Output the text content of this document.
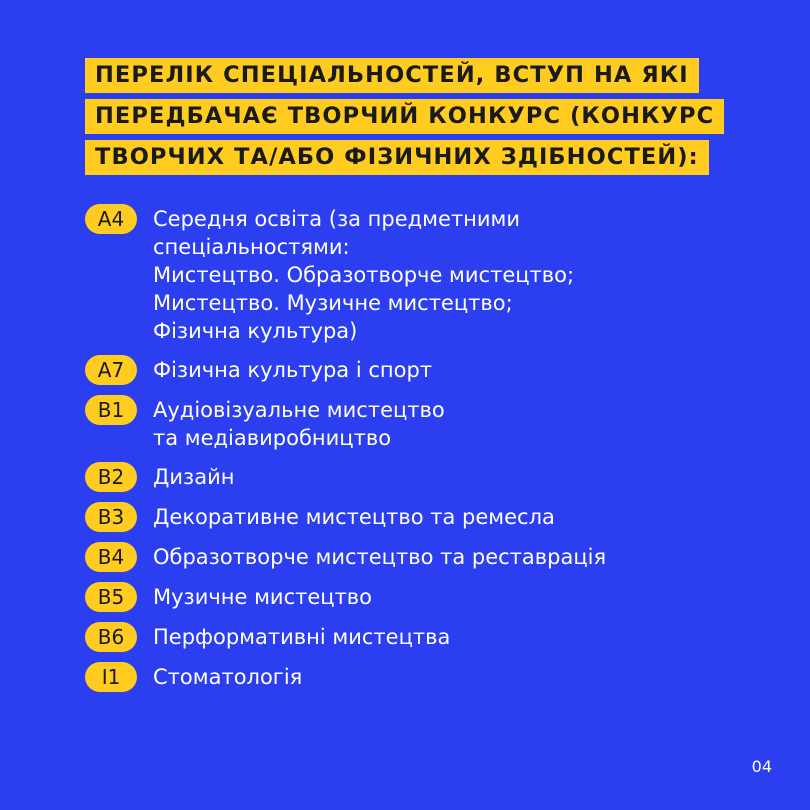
ПЕРЕЛІК СПЕЦІАЛЬНОСТЕЙ, ВСТУП НА ЯКІ
ПЕРЕДБАЧАЄ ТВОРЧИЙ КОНКУРС (КОНКУРС
ТВОРЧИХ ТА/АБО ФІЗИЧНИХ ЗДІБНОСТЕЙ):
А4	Середня освіта (за предметними
спеціальностями:
Мистецтво. Образотворче мистецтво;
Мистецтво. Музичне мистецтво;
Фізична культура)
А7	Фізична культура і спорт
В1	Аудіовізуальне мистецтво
та медіавиробництво
В2	Дизайн
В3	Декоративне мистецтво та ремесла
В4	Образотворче мистецтво та реставрація
В5	Музичне мистецтво
В6	Перформативні мистецтва
І1	Стоматологія
04
